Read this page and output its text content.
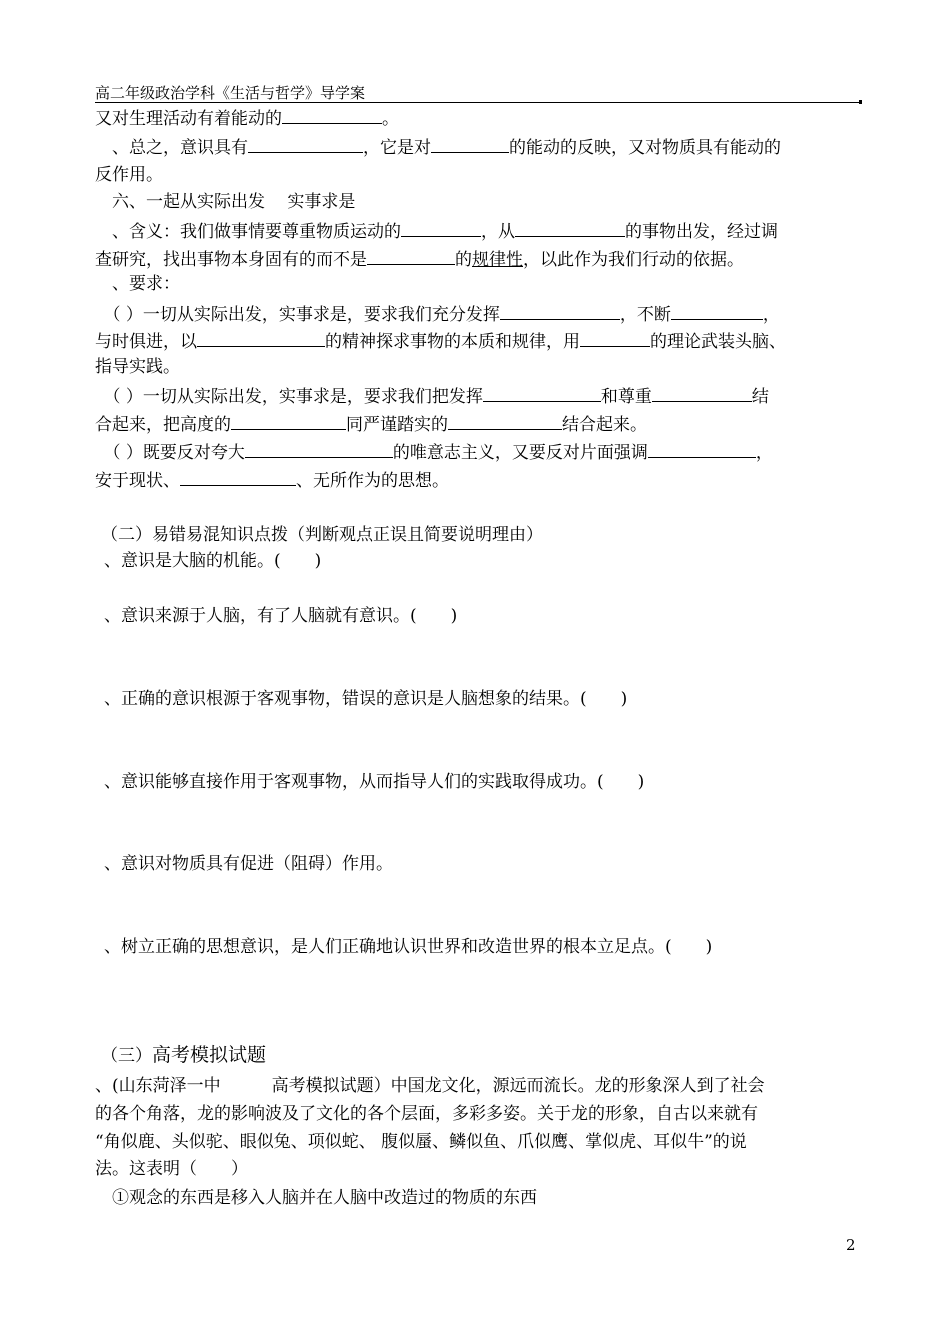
高二年级政治学科《生活与哲学》导学案
又对生理活动有着能动的	。
　、总之，意识具有	，它是对	的能动的反映，又对物质具有能动的
反作用。
　六、一起从实际出发　 实事求是
　、含义：我们做事情要尊重物质运动的	，从	的事物出发，经过调
查研究，找出事物本身固有的而不是	的规律性，以此作为我们行动的依据。
　、要求：
　（ ）一切从实际出发，实事求是，要求我们充分发挥	，不断	，
与时俱进，以	的精神探求事物的本质和规律，用	的理论武装头脑、
指导实践。
　（ ）一切从实际出发，实事求是，要求我们把发挥	和尊重	结
合起来，把高度的	同严谨踏实的	结合起来。
　（ ）既要反对夸大	的唯意志主义，又要反对片面强调	，
安于现状、	、无所作为的思想。
（二）易错易混知识点拨（判断观点正误且简要说明理由）
、意识是大脑的机能。(　　)
、意识来源于人脑，有了人脑就有意识。(　　)
、正确的意识根源于客观事物，错误的意识是人脑想象的结果。(　　)
、意识能够直接作用于客观事物，从而指导人们的实践取得成功。(　　)
、意识对物质具有促进（阻碍）作用。
、树立正确的思想意识，是人们正确地认识世界和改造世界的根本立足点。(　　)
（三）高考模拟试题
、(山东菏泽一中　　　高考模拟试题）中国龙文化，源远而流长。龙的形象深人到了社会
的各个角落，龙的影响波及了文化的各个层面，多彩多姿。关于龙的形象，自古以来就有
“角似鹿、头似驼、眼似兔、项似蛇、 腹似蜃、鳞似鱼、爪似鹰、掌似虎、耳似牛”的说
法。这表明（　　）
　①观念的东西是移入人脑并在人脑中改造过的物质的东西
2
